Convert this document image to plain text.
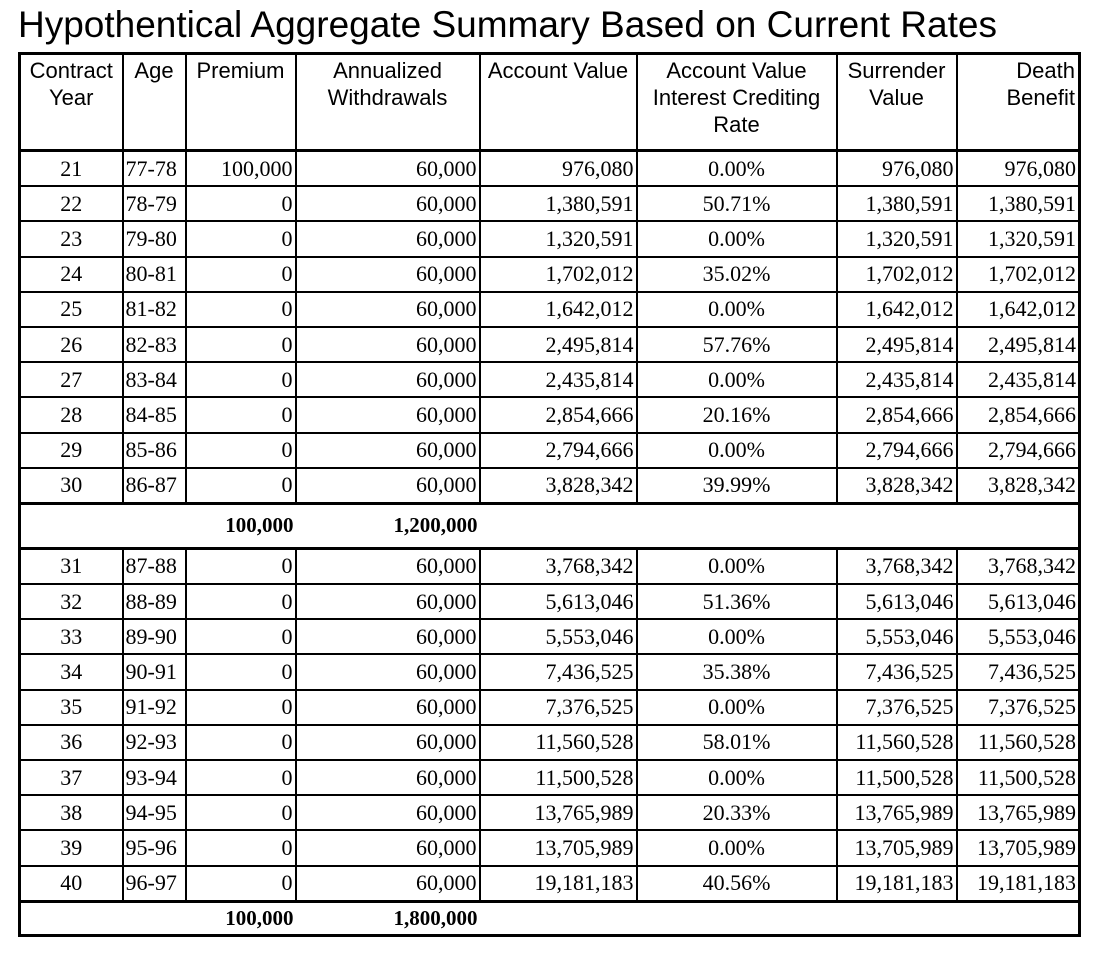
Hypothentical Aggregate Summary Based on Current Rates
Contract Year	Age	Premium	Annualized Withdrawals	Account Value	Account Value Interest Crediting Rate	Surrender Value	Death Benefit
21	77-78	100,000	60,000	976,080	0.00%	976,080	976,080
22	78-79	0	60,000	1,380,591	50.71%	1,380,591	1,380,591
23	79-80	0	60,000	1,320,591	0.00%	1,320,591	1,320,591
24	80-81	0	60,000	1,702,012	35.02%	1,702,012	1,702,012
25	81-82	0	60,000	1,642,012	0.00%	1,642,012	1,642,012
26	82-83	0	60,000	2,495,814	57.76%	2,495,814	2,495,814
27	83-84	0	60,000	2,435,814	0.00%	2,435,814	2,435,814
28	84-85	0	60,000	2,854,666	20.16%	2,854,666	2,854,666
29	85-86	0	60,000	2,794,666	0.00%	2,794,666	2,794,666
30	86-87	0	60,000	3,828,342	39.99%	3,828,342	3,828,342
		100,000	1,200,000				
31	87-88	0	60,000	3,768,342	0.00%	3,768,342	3,768,342
32	88-89	0	60,000	5,613,046	51.36%	5,613,046	5,613,046
33	89-90	0	60,000	5,553,046	0.00%	5,553,046	5,553,046
34	90-91	0	60,000	7,436,525	35.38%	7,436,525	7,436,525
35	91-92	0	60,000	7,376,525	0.00%	7,376,525	7,376,525
36	92-93	0	60,000	11,560,528	58.01%	11,560,528	11,560,528
37	93-94	0	60,000	11,500,528	0.00%	11,500,528	11,500,528
38	94-95	0	60,000	13,765,989	20.33%	13,765,989	13,765,989
39	95-96	0	60,000	13,705,989	0.00%	13,705,989	13,705,989
40	96-97	0	60,000	19,181,183	40.56%	19,181,183	19,181,183
		100,000	1,800,000				
